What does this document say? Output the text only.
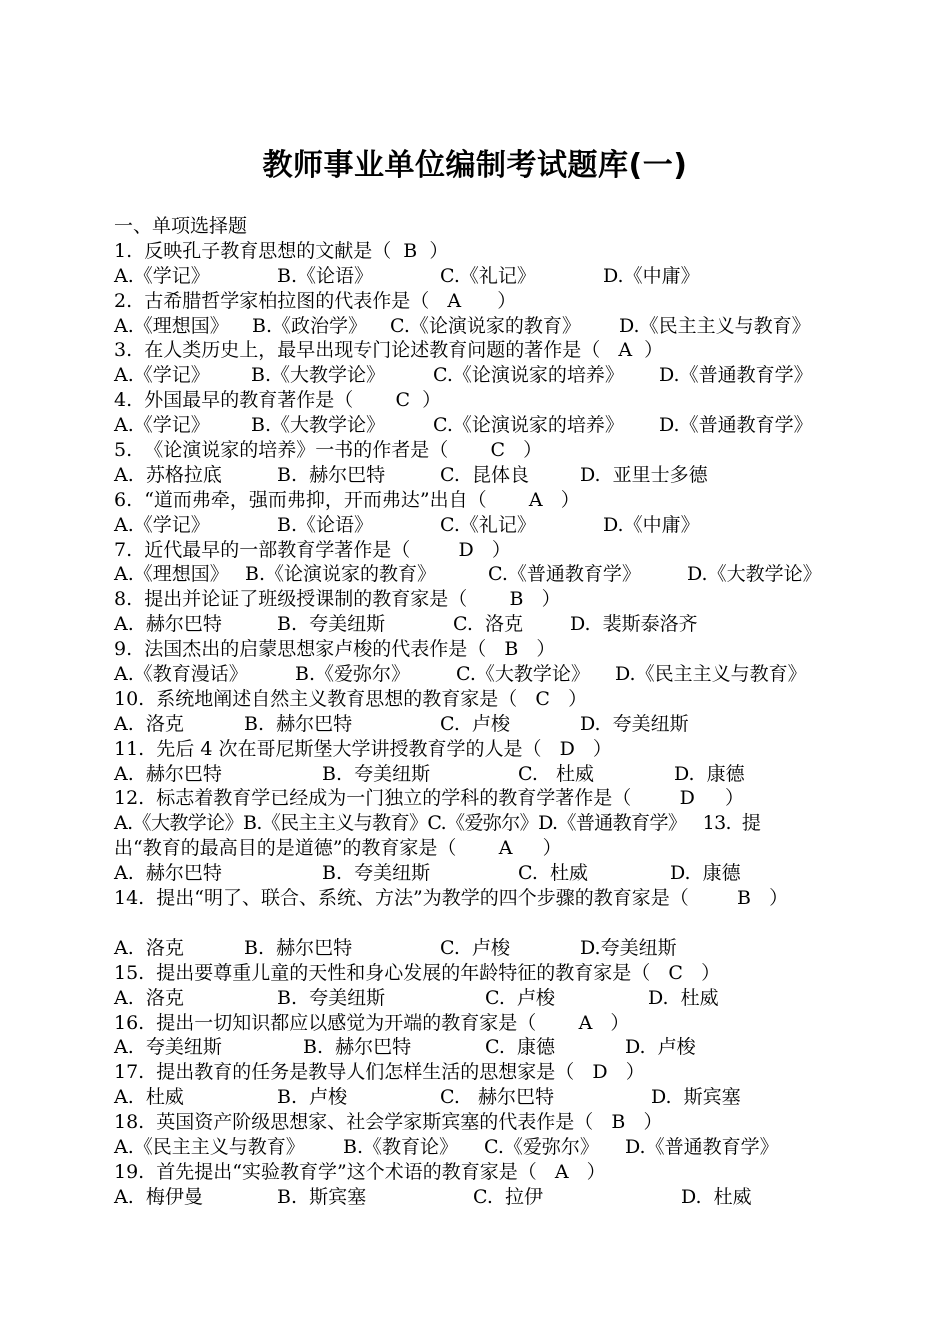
教师事业单位编制考试题库(一)
一、单项选择题
1.  反映孔子教育思想的文献是（  B  ）

A.《学记》

	B.《论语》

	C.《礼记》

	D.《中庸》

2.  古希腊哲学家柏拉图的代表作是（   A      ）

A.《理想国》

B.《政治学》

C.《论演说家的教育》

D.《民主主义与教育》

3.  在人类历史上，最早出现专门论述教育问题的著作是（   A  ）

A.《学记》

B.《大教学论》

	C.《论演说家的培养》

D.《普通教育学》

4.  外国最早的教育著作是（       C  ）

A.《学记》

B.《大教学论》

	C.《论演说家的培养》

D.《普通教育学》

5.  《论演说家的培养》一书的作者是（       C   ）

A.  苏格拉底

	B.  赫尔巴特

	C.  昆体良

	D.  亚里士多德

6.  “道而弗牵，强而弗抑，开而弗达”出自（       A   ）

A.《学记》

	B.《论语》

	C.《礼记》

	D.《中庸》

7.  近代最早的一部教育学著作是（        D   ）

A.《理想国》

B.《论演说家的教育》

	C.《普通教育学》

D.《大教学论》

8.  提出并论证了班级授课制的教育家是（       B   ）

A.  赫尔巴特

	B.  夸美纽斯

	C.  洛克

D.  裴斯泰洛齐

9.  法国杰出的启蒙思想家卢梭的代表作是（   B   ）

A.《教育漫话》

B.《爱弥尔》

C.《大教学论》

D.《民主主义与教育》

10.  系统地阐述自然主义教育思想的教育家是（   C   ）

A.  洛克

	B.  赫尔巴特

	C.  卢梭

	D.  夸美纽斯

11.  先后 4 次在哥尼斯堡大学讲授教育学的人是（   D   ）

A.  赫尔巴特

	B.  夸美纽斯

	C.   杜威

	D.  康德

12.  标志着教育学已经成为一门独立的学科的教育学著作是（        D     ）
A.《大教学论》B.《民主主义与教育》C.《爱弥尔》D.《普通教育学》   13.  提
出“教育的最高目的是道德”的教育家是（       A     ）

A.  赫尔巴特

	B.  夸美纽斯

	C.  杜威

	D.  康德

14.  提出“明了、联合、系统、方法”为教学的四个步骤的教育家是（        B   ）

A.  洛克

	B.  赫尔巴特

	C.  卢梭

	D.夸美纽斯

15.  提出要尊重儿童的天性和身心发展的年龄特征的教育家是（   C   ）

A.  洛克

	B.  夸美纽斯

	C.  卢梭

	D.  杜威

16.  提出一切知识都应以感觉为开端的教育家是（       A   ）

A.  夸美纽斯

	B.  赫尔巴特

	C.  康德

	D.  卢梭

17.  提出教育的任务是教导人们怎样生活的思想家是（   D   ）

A.  杜威

	B.  卢梭

	C.   赫尔巴特

	D.  斯宾塞

18.  英国资产阶级思想家、社会学家斯宾塞的代表作是（   B   ）

A.《民主主义与教育》

B.《教育论》

C.《爱弥尔》

D.《普通教育学》

19.  首先提出“实验教育学”这个术语的教育家是（   A   ）

A.  梅伊曼

	B.  斯宾塞

	C.  拉伊

	D.  杜威
